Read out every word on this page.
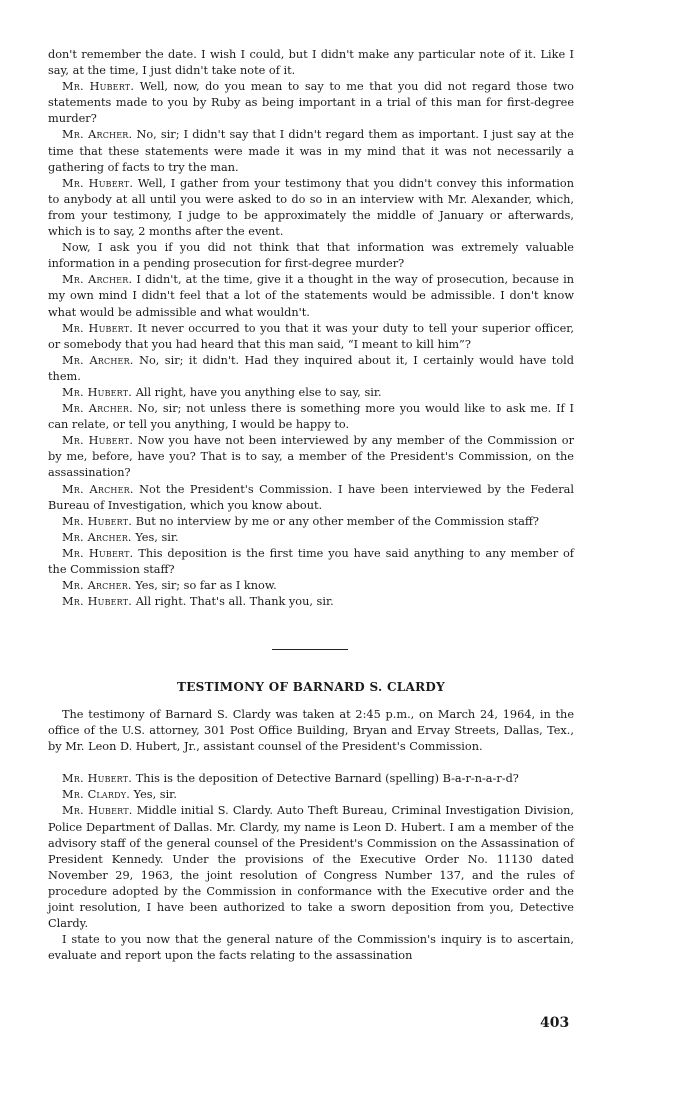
don't remember the date. I wish I could, but I didn't make any particular note of it. Like I say, at the time, I just didn't take note of it.

Mr. Hubert. Well, now, do you mean to say to me that you did not regard those two statements made to you by Ruby as being important in a trial of this man for first-degree murder?

Mr. Archer. No, sir; I didn't say that I didn't regard them as important. I just say at the time that these statements were made it was in my mind that it was not necessarily a gathering of facts to try the man.

Mr. Hubert. Well, I gather from your testimony that you didn't convey this information to anybody at all until you were asked to do so in an interview with Mr. Alexander, which, from your testimony, I judge to be approximately the middle of January or afterwards, which is to say, 2 months after the event.

Now, I ask you if you did not think that that information was extremely valuable information in a pending prosecution for first-degree murder?

Mr. Archer. I didn't, at the time, give it a thought in the way of prosecution, because in my own mind I didn't feel that a lot of the statements would be admissible. I don't know what would be admissible and what wouldn't.

Mr. Hubert. It never occurred to you that it was your duty to tell your superior officer, or somebody that you had heard that this man said, “I meant to kill him”?

Mr. Archer. No, sir; it didn't. Had they inquired about it, I certainly would have told them.

Mr. Hubert. All right, have you anything else to say, sir.

Mr. Archer. No, sir; not unless there is something more you would like to ask me. If I can relate, or tell you anything, I would be happy to.

Mr. Hubert. Now you have not been interviewed by any member of the Commission or by me, before, have you? That is to say, a member of the President's Commission, on the assassination?

Mr. Archer. Not the President's Commission. I have been interviewed by the Federal Bureau of Investigation, which you know about.

Mr. Hubert. But no interview by me or any other member of the Commission staff?

Mr. Archer. Yes, sir.

Mr. Hubert. This deposition is the first time you have said anything to any member of the Commission staff?

Mr. Archer. Yes, sir; so far as I know.

Mr. Hubert. All right. That's all. Thank you, sir.

TESTIMONY OF BARNARD S. CLARDY

The testimony of Barnard S. Clardy was taken at 2:45 p.m., on March 24, 1964, in the office of the U.S. attorney, 301 Post Office Building, Bryan and Ervay Streets, Dallas, Tex., by Mr. Leon D. Hubert, Jr., assistant counsel of the President's Commission.

Mr. Hubert. This is the deposition of Detective Barnard (spelling) B-a-r-n-a-r-d?

Mr. Clardy. Yes, sir.

Mr. Hubert. Middle initial S. Clardy. Auto Theft Bureau, Criminal Investigation Division, Police Department of Dallas. Mr. Clardy, my name is Leon D. Hubert. I am a member of the advisory staff of the general counsel of the President's Commission on the Assassination of President Kennedy. Under the provisions of the Executive Order No. 11130 dated November 29, 1963, the joint resolution of Congress Number 137, and the rules of procedure adopted by the Commission in conformance with the Executive order and the joint resolution, I have been authorized to take a sworn deposition from you, Detective Clardy.

I state to you now that the general nature of the Commission's inquiry is to ascertain, evaluate and report upon the facts relating to the assassination

403
